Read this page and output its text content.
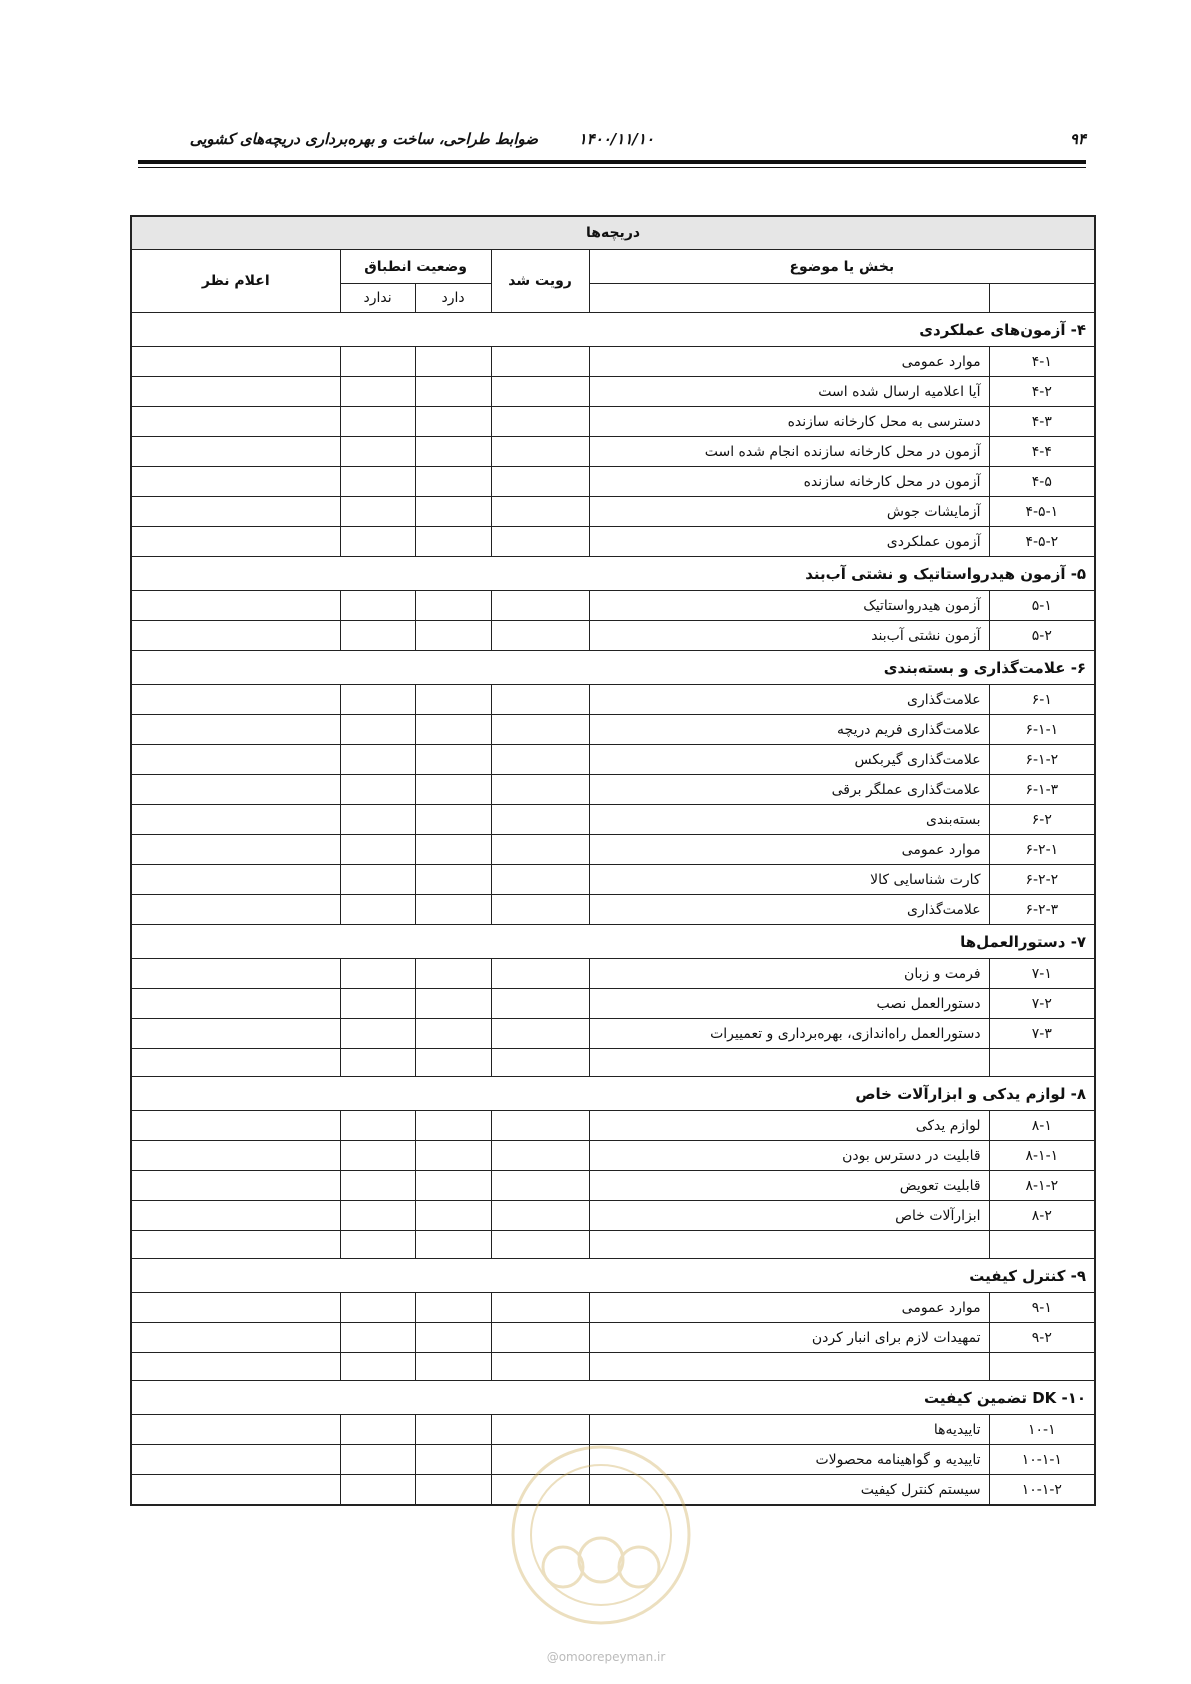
۹۴
۱۴۰۰/۱۱/۱۰
ضوابط طراحی، ساخت و بهره‌برداری دریچه‌های کشویی
دریچه‌ها					
بخش یا موضوع		رویت شد	وضعیت انطباق		اعلام نظر
			دارد	ندارد	
۴- آزمون‌های عملکردی					
۴-۱	موارد عمومی				
۴-۲	آیا اعلامیه ارسال شده است				
۴-۳	دسترسی به محل کارخانه سازنده				
۴-۴	آزمون در محل کارخانه سازنده انجام شده است				
۴-۵	آزمون در محل کارخانه سازنده				
۴-۵-۱	آزمایشات جوش				
۴-۵-۲	آزمون عملکردی				
۵- آزمون هیدرواستاتیک و نشتی آب‌بند					
۵-۱	آزمون هیدرواستاتیک				
۵-۲	آزمون نشتی آب‌بند				
۶- علامت‌گذاری و بسته‌بندی					
۶-۱	علامت‌گذاری				
۶-۱-۱	علامت‌گذاری فریم دریچه				
۶-۱-۲	علامت‌گذاری گیربکس				
۶-۱-۳	علامت‌گذاری عملگر برقی				
۶-۲	بسته‌بندی				
۶-۲-۱	موارد عمومی				
۶-۲-۲	کارت شناسایی کالا				
۶-۲-۳	علامت‌گذاری				
۷- دستورالعمل‌ها					
۷-۱	فرمت و زبان				
۷-۲	دستورالعمل نصب				
۷-۳	دستورالعمل راه‌اندازی، بهره‌برداری و تعمییرات				

۸- لوازم یدکی و ابزارآلات خاص					
۸-۱	لوازم یدکی				
۸-۱-۱	قابلیت در دسترس بودن				
۸-۱-۲	قابلیت تعویض				
۸-۲	ابزارآلات خاص				

۹- کنترل کیفیت					
۹-۱	موارد عمومی				
۹-۲	تمهیدات لازم برای انبار کردن				

۱۰- DK تضمین کیفیت					
۱۰-۱	تاییدیه‌ها				
۱۰-۱-۱	تاییدیه و گواهینامه محصولات				
۱۰-۱-۲	سیستم کنترل کیفیت				
@omoorepeyman.ir
